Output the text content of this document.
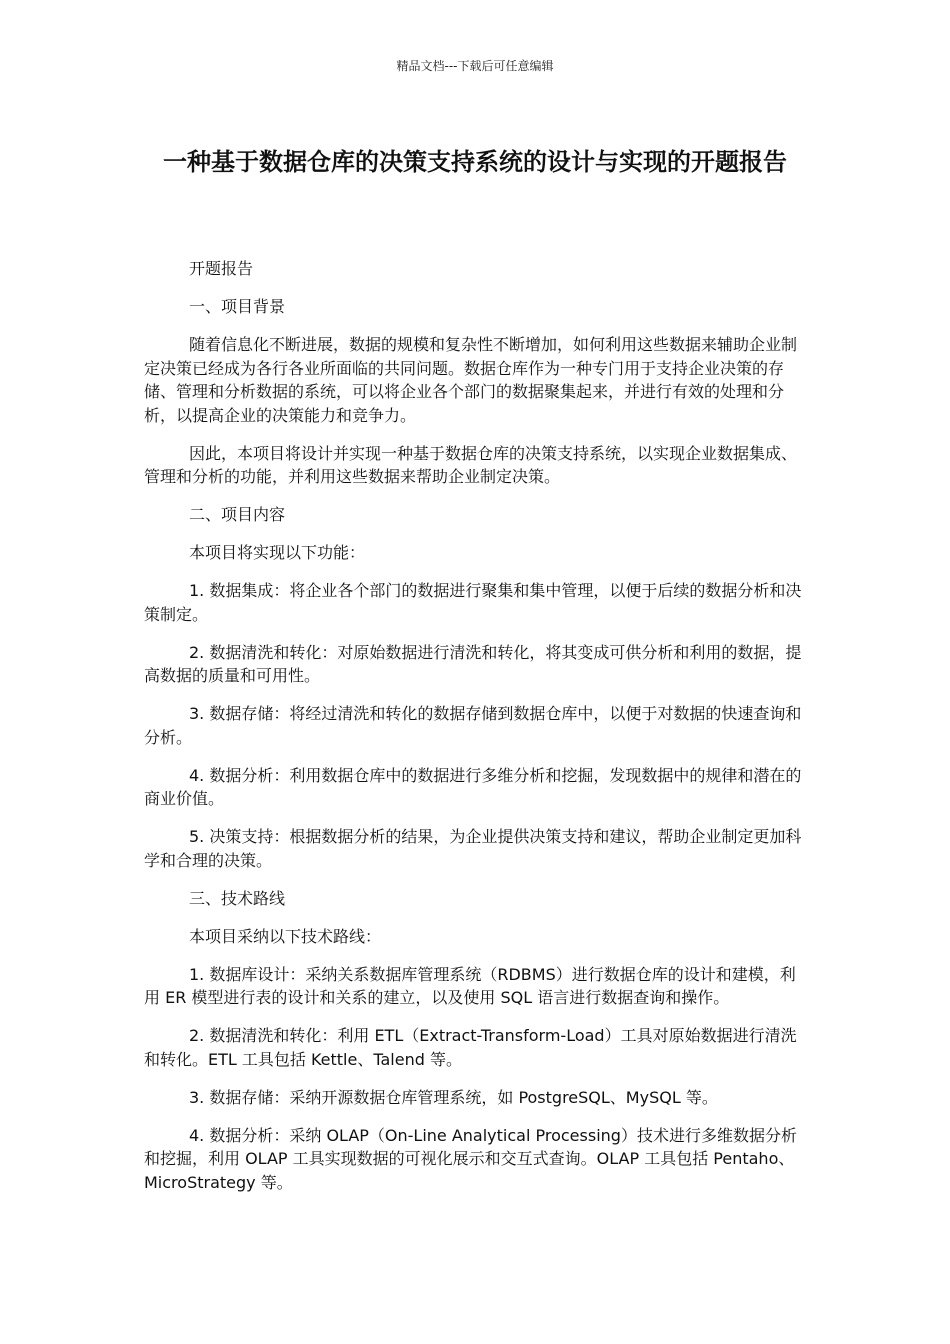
精品文档---下载后可任意编辑
一种基于数据仓库的决策支持系统的设计与实现的开题报告

开题报告

一、项目背景

随着信息化不断进展，数据的规模和复杂性不断增加，如何利用这些数据来辅助企业制定决策已经成为各行各业所面临的共同问题。数据仓库作为一种专门用于支持企业决策的存储、管理和分析数据的系统，可以将企业各个部门的数据聚集起来，并进行有效的处理和分析，以提高企业的决策能力和竞争力。

因此，本项目将设计并实现一种基于数据仓库的决策支持系统，以实现企业数据集成、管理和分析的功能，并利用这些数据来帮助企业制定决策。

二、项目内容

本项目将实现以下功能：

1. 数据集成：将企业各个部门的数据进行聚集和集中管理，以便于后续的数据分析和决策制定。

2. 数据清洗和转化：对原始数据进行清洗和转化，将其变成可供分析和利用的数据，提高数据的质量和可用性。

3. 数据存储：将经过清洗和转化的数据存储到数据仓库中，以便于对数据的快速查询和分析。

4. 数据分析：利用数据仓库中的数据进行多维分析和挖掘，发现数据中的规律和潜在的商业价值。

5. 决策支持：根据数据分析的结果，为企业提供决策支持和建议，帮助企业制定更加科学和合理的决策。

三、技术路线

本项目采纳以下技术路线：

1. 数据库设计：采纳关系数据库管理系统（RDBMS）进行数据仓库的设计和建模，利用 ER 模型进行表的设计和关系的建立，以及使用 SQL 语言进行数据查询和操作。

2. 数据清洗和转化：利用 ETL（Extract-Transform-Load）工具对原始数据进行清洗和转化。ETL 工具包括 Kettle、Talend 等。

3. 数据存储：采纳开源数据仓库管理系统，如 PostgreSQL、MySQL 等。

4. 数据分析：采纳 OLAP（On-Line Analytical Processing）技术进行多维数据分析和挖掘，利用 OLAP 工具实现数据的可视化展示和交互式查询。OLAP 工具包括 Pentaho、MicroStrategy 等。
